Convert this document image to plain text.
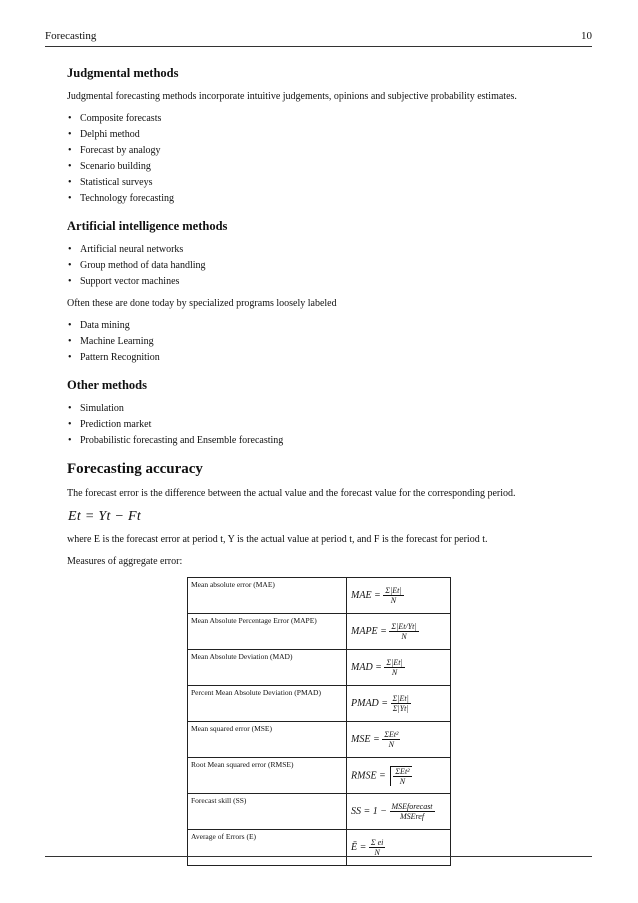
Forecasting	10
Judgmental methods

Judgmental forecasting methods incorporate intuitive judgements, opinions and subjective probability estimates.

• Composite forecasts
• Delphi method
• Forecast by analogy
• Scenario building
• Statistical surveys
• Technology forecasting
Artificial intelligence methods
• Artificial neural networks
• Group method of data handling
• Support vector machines

Often these are done today by specialized programs loosely labeled

• Data mining
• Machine Learning
• Pattern Recognition
Other methods
• Simulation
• Prediction market
• Probabilistic forecasting and Ensemble forecasting
Forecasting accuracy

The forecast error is the difference between the actual value and the forecast value for the corresponding period.

Et = Yt − Ft

where E is the forecast error at period t, Y is the actual value at period t, and F is the forecast for period t.

Measures of aggregate error:

Mean absolute error (MAE)	MAE = $\frac{\Sigma|Et|}{N}$

Mean Absolute Percentage Error (MAPE)	MAPE = $\frac{\Sigma|Et/Yt|}{N}$

Mean Absolute Deviation (MAD)	MAD = $\frac{\Sigma|Et|}{N}$

Percent Mean Absolute Deviation (PMAD)	PMAD = $\frac{\Sigma|Et|}{\Sigma|Yt|}$

Mean squared error (MSE)	MSE = $\frac{\text{ΣEt²}}{N}$

Root Mean squared error (RMSE)	RMSE = $\frac{\text{ΣEt²}}{N}$

Forecast skill (SS)	SS = $1 - \frac{\text{MSEforecast}}{\text{MSEref}}$

Average of Errors (E)	Ē = $\frac{\text{Σ ei}}{N}$
